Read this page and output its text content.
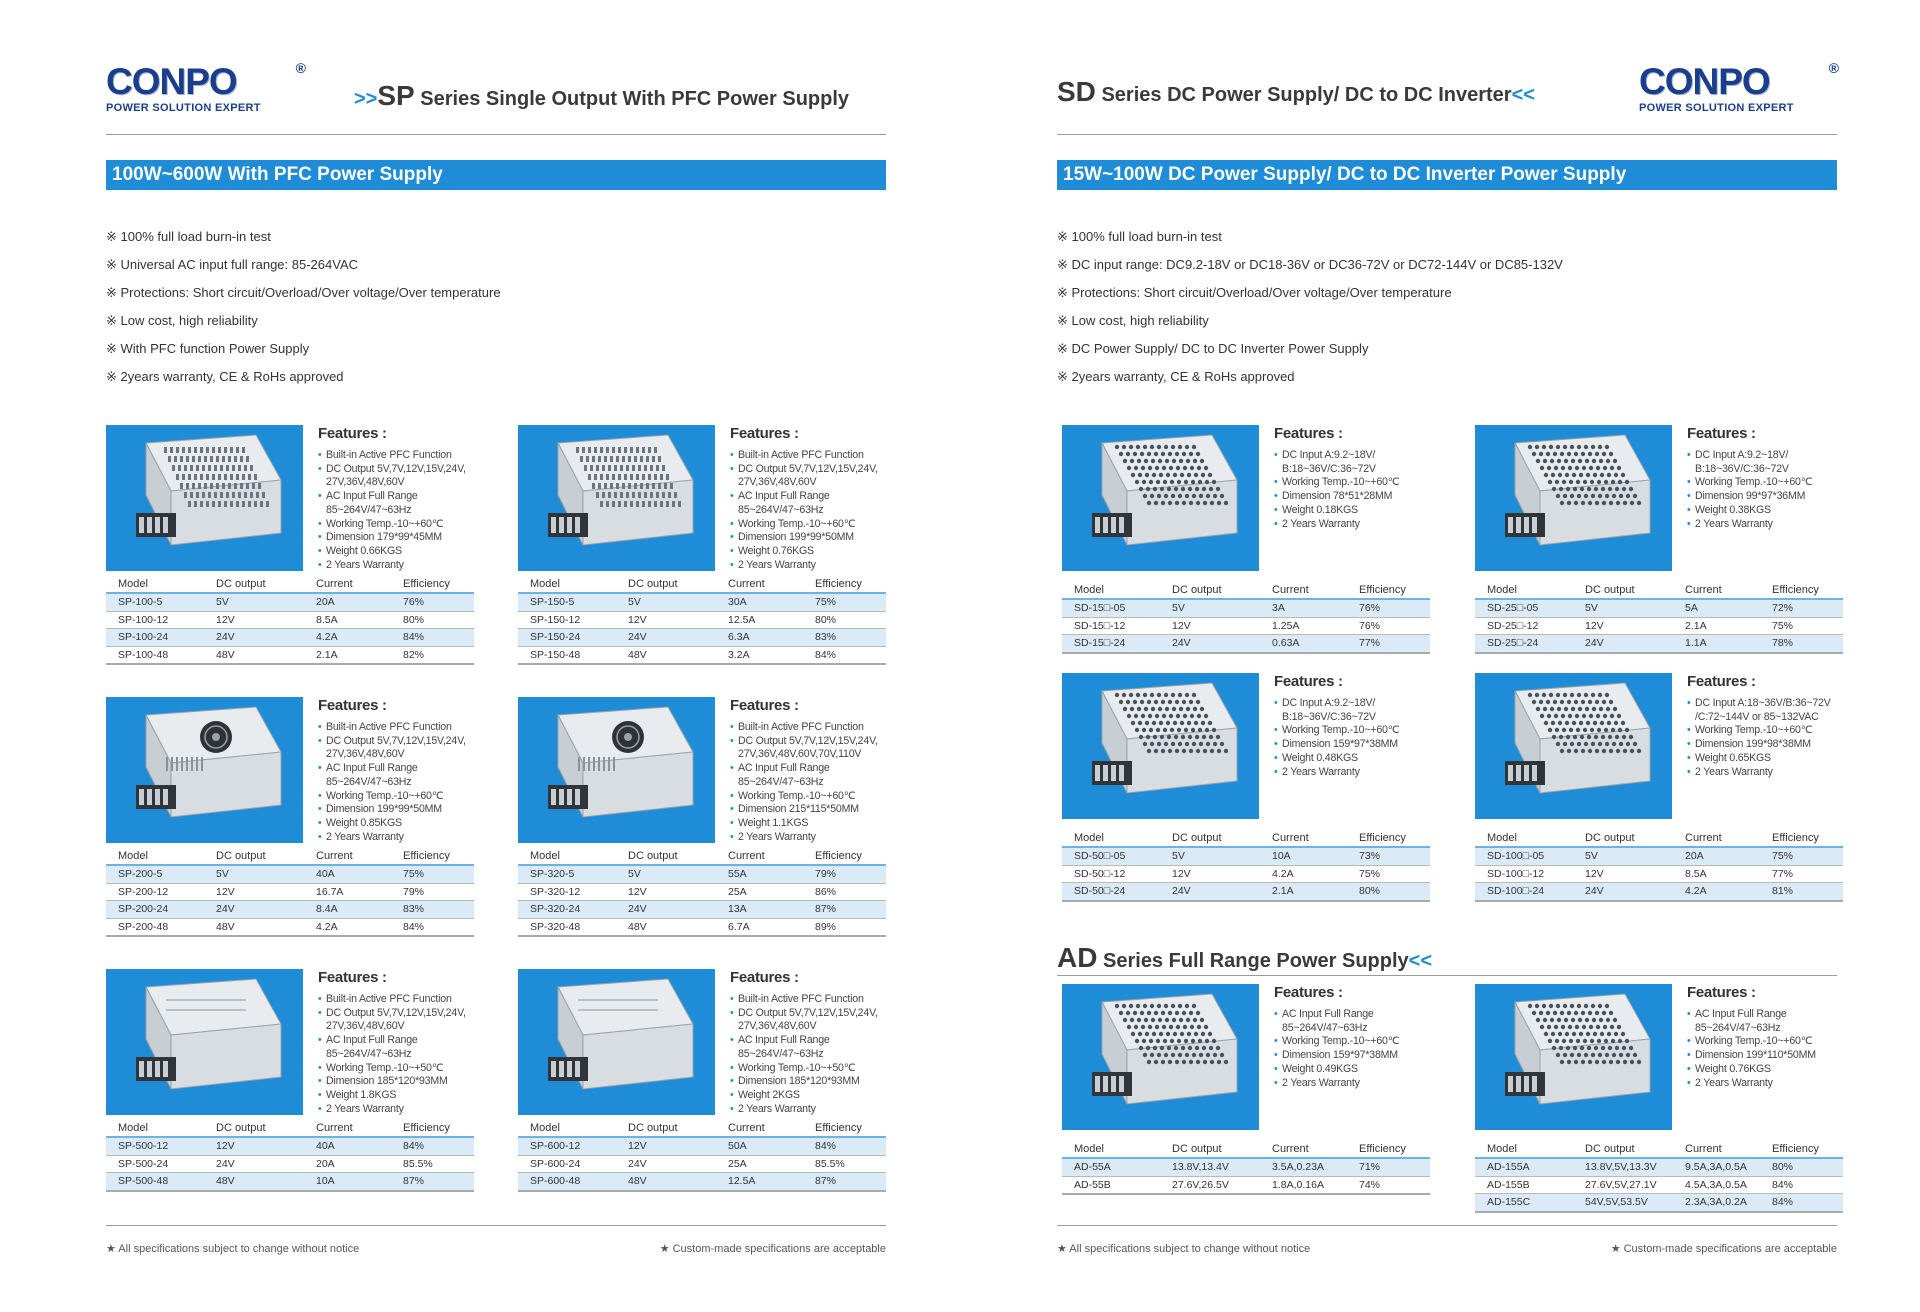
CONPO	®
POWER SOLUTION EXPERT	>>SP Series Single Output With PFC Power Supply
100W~600W With PFC Power Supply
※ 100% full load burn-in test
※ Universal AC input full range: 85-264VAC
※ Protections: Short circuit/Overload/Over voltage/Over temperature
※ Low cost, high reliability
※ With PFC function Power Supply
※ 2years warranty, CE & RoHs approved
Features :
• Built-in Active PFC Function
• DC Output 5V,7V,12V,15V,24V,
27V,36V,48V,60V
• AC Input Full Range
85~264V/47~63Hz
• Working Temp.-10~+60℃
• Dimension 179*99*45MM
• Weight 0.66KGS
• 2 Years Warranty
Model	DC output	Current	Efficiency
SP-100-5	5V	20A	76%
SP-100-12	12V	8.5A	80%
SP-100-24	24V	4.2A	84%
SP-100-48	48V	2.1A	82%
Features :
• Built-in Active PFC Function
• DC Output 5V,7V,12V,15V,24V,
27V,36V,48V,60V
• AC Input Full Range
85~264V/47~63Hz
• Working Temp.-10~+60℃
• Dimension 199*99*50MM
• Weight 0.76KGS
• 2 Years Warranty
Model	DC output	Current	Efficiency
SP-150-5	5V	30A	75%
SP-150-12	12V	12.5A	80%
SP-150-24	24V	6.3A	83%
SP-150-48	48V	3.2A	84%
Features :
• Built-in Active PFC Function
• DC Output 5V,7V,12V,15V,24V,
27V,36V,48V,60V
• AC Input Full Range
85~264V/47~63Hz
• Working Temp.-10~+60℃
• Dimension 199*99*50MM
• Weight 0.85KGS
• 2 Years Warranty
Model	DC output	Current	Efficiency
SP-200-5	5V	40A	75%
SP-200-12	12V	16.7A	79%
SP-200-24	24V	8.4A	83%
SP-200-48	48V	4.2A	84%
Features :
• Built-in Active PFC Function
• DC Output 5V,7V,12V,15V,24V,
27V,36V,48V,60V,70V,110V
• AC Input Full Range
85~264V/47~63Hz
• Working Temp.-10~+60℃
• Dimension 215*115*50MM
• Weight 1.1KGS
• 2 Years Warranty
Model	DC output	Current	Efficiency
SP-320-5	5V	55A	79%
SP-320-12	12V	25A	86%
SP-320-24	24V	13A	87%
SP-320-48	48V	6.7A	89%
Features :
• Built-in Active PFC Function
• DC Output 5V,7V,12V,15V,24V,
27V,36V,48V,60V
• AC Input Full Range
85~264V/47~63Hz
• Working Temp.-10~+50℃
• Dimension 185*120*93MM
• Weight 1.8KGS
• 2 Years Warranty
Model	DC output	Current	Efficiency
SP-500-12	12V	40A	84%
SP-500-24	24V	20A	85.5%
SP-500-48	48V	10A	87%
Features :
• Built-in Active PFC Function
• DC Output 5V,7V,12V,15V,24V,
27V,36V,48V,60V
• AC Input Full Range
85~264V/47~63Hz
• Working Temp.-10~+50℃
• Dimension 185*120*93MM
• Weight 2KGS
• 2 Years Warranty
Model	DC output	Current	Efficiency
SP-600-12	12V	50A	84%
SP-600-24	24V	25A	85.5%
SP-600-48	48V	12.5A	87%
★ All specifications subject to change without notice	★ Custom-made specifications are acceptable
SD Series DC Power Supply/ DC to DC Inverter<<	CONPO	®
POWER SOLUTION EXPERT
15W~100W DC Power Supply/ DC to DC Inverter Power Supply
※ 100% full load burn-in test
※ DC input range: DC9.2-18V or DC18-36V or DC36-72V or DC72-144V or DC85-132V
※ Protections: Short circuit/Overload/Over voltage/Over temperature
※ Low cost, high reliability
※ DC Power Supply/ DC to DC Inverter Power Supply
※ 2years warranty, CE & RoHs approved
Features :
• DC Input A:9.2~18V/
B:18~36V/C:36~72V
• Working Temp.-10~+60℃
• Dimension 78*51*28MM
• Weight 0.18KGS
• 2 Years Warranty
Model	DC output	Current	Efficiency
SD-15□-05	5V	3A	76%
SD-15□-12	12V	1.25A	76%
SD-15□-24	24V	0.63A	77%
Features :
• DC Input A:9.2~18V/
B:18~36V/C:36~72V
• Working Temp.-10~+60℃
• Dimension 99*97*36MM
• Weight 0.38KGS
• 2 Years Warranty
Model	DC output	Current	Efficiency
SD-25□-05	5V	5A	72%
SD-25□-12	12V	2.1A	75%
SD-25□-24	24V	1.1A	78%
Features :
• DC Input A:9.2~18V/
B:18~36V/C:36~72V
• Working Temp.-10~+60℃
• Dimension 159*97*38MM
• Weight 0.48KGS
• 2 Years Warranty
Model	DC output	Current	Efficiency
SD-50□-05	5V	10A	73%
SD-50□-12	12V	4.2A	75%
SD-50□-24	24V	2.1A	80%
Features :
• DC Input A:18~36V/B:36~72V
/C:72~144V or 85~132VAC
• Working Temp.-10~+60℃
• Dimension 199*98*38MM
• Weight 0.65KGS
• 2 Years Warranty
Model	DC output	Current	Efficiency
SD-100□-05	5V	20A	75%
SD-100□-12	12V	8.5A	77%
SD-100□-24	24V	4.2A	81%
AD Series Full Range Power Supply<<
Features :
• AC Input Full Range
85~264V/47~63Hz
• Working Temp.-10~+60℃
• Dimension 159*97*38MM
• Weight 0.49KGS
• 2 Years Warranty
Model	DC output	Current	Efficiency
AD-55A	13.8V,13.4V	3.5A,0.23A	71%
AD-55B	27.6V,26.5V	1.8A,0.16A	74%
Features :
• AC Input Full Range
85~264V/47~63Hz
• Working Temp.-10~+60℃
• Dimension 199*110*50MM
• Weight 0.76KGS
• 2 Years Warranty
Model	DC output	Current	Efficiency
AD-155A	13.8V,5V,13.3V	9.5A,3A,0.5A	80%
AD-155B	27.6V,5V,27.1V	4.5A,3A,0.5A	84%
AD-155C	54V,5V,53.5V	2.3A,3A,0.2A	84%
★ All specifications subject to change without notice	★ Custom-made specifications are acceptable
